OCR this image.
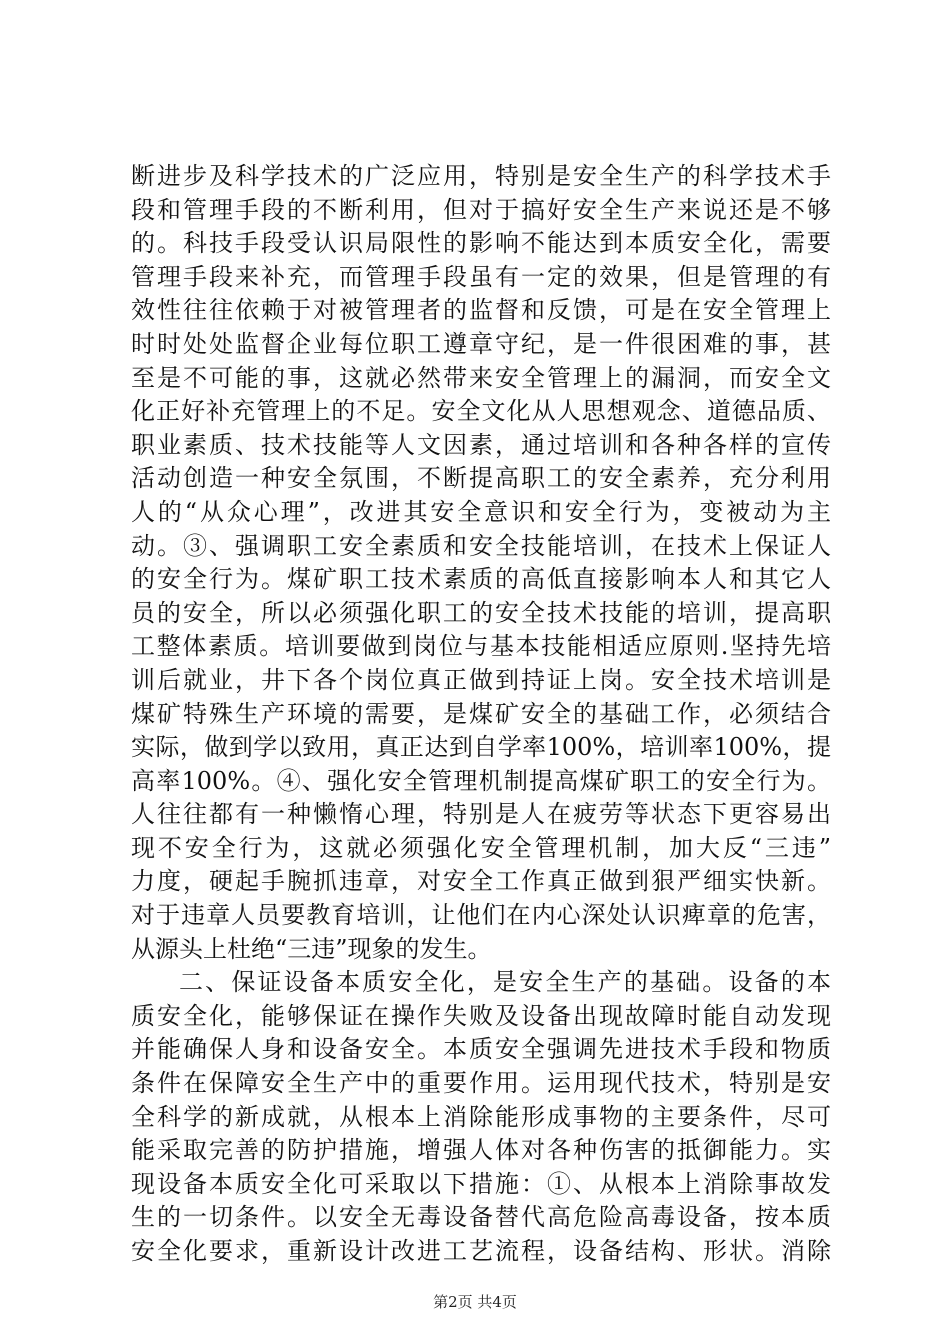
断进步及科学技术的广泛应用，特别是安全生产的科学技术手
段和管理手段的不断利用，但对于搞好安全生产来说还是不够
的。科技手段受认识局限性的影响不能达到本质安全化，需要
管理手段来补充，而管理手段虽有一定的效果，但是管理的有
效性往往依赖于对被管理者的监督和反馈，可是在安全管理上
时时处处监督企业每位职工遵章守纪，是一件很困难的事，甚
至是不可能的事，这就必然带来安全管理上的漏洞，而安全文
化正好补充管理上的不足。安全文化从人思想观念、道德品质、
职业素质、技术技能等人文因素，通过培训和各种各样的宣传
活动创造一种安全氛围，不断提高职工的安全素养，充分利用
人的“从众心理”，改进其安全意识和安全行为，变被动为主
动。③、强调职工安全素质和安全技能培训，在技术上保证人
的安全行为。煤矿职工技术素质的高低直接影响本人和其它人
员的安全，所以必须强化职工的安全技术技能的培训，提高职
工整体素质。培训要做到岗位与基本技能相适应原则.坚持先培
训后就业，井下各个岗位真正做到持证上岗。安全技术培训是
煤矿特殊生产环境的需要，是煤矿安全的基础工作，必须结合
实际，做到学以致用，真正达到自学率100%，培训率100%，提
高率100%。④、强化安全管理机制提高煤矿职工的安全行为。
人往往都有一种懒惰心理，特别是人在疲劳等状态下更容易出
现不安全行为，这就必须强化安全管理机制，加大反“三违”
力度，硬起手腕抓违章，对安全工作真正做到狠严细实快新。
对于违章人员要教育培训，让他们在内心深处认识痺章的危害，
从源头上杜绝“三违”现象的发生。
二、保证设备本质安全化，是安全生产的基础。设备的本
质安全化，能够保证在操作失败及设备出现故障时能自动发现
并能确保人身和设备安全。本质安全强调先进技术手段和物质
条件在保障安全生产中的重要作用。运用现代技术，特别是安
全科学的新成就，从根本上消除能形成事物的主要条件，尽可
能采取完善的防护措施，增强人体对各种伤害的抵御能力。实
现设备本质安全化可采取以下措施：①、从根本上消除事故发
生的一切条件。以安全无毒设备替代高危险高毒设备，按本质
安全化要求，重新设计改进工艺流程，设备结构、形状。消除
第2页 共4页
